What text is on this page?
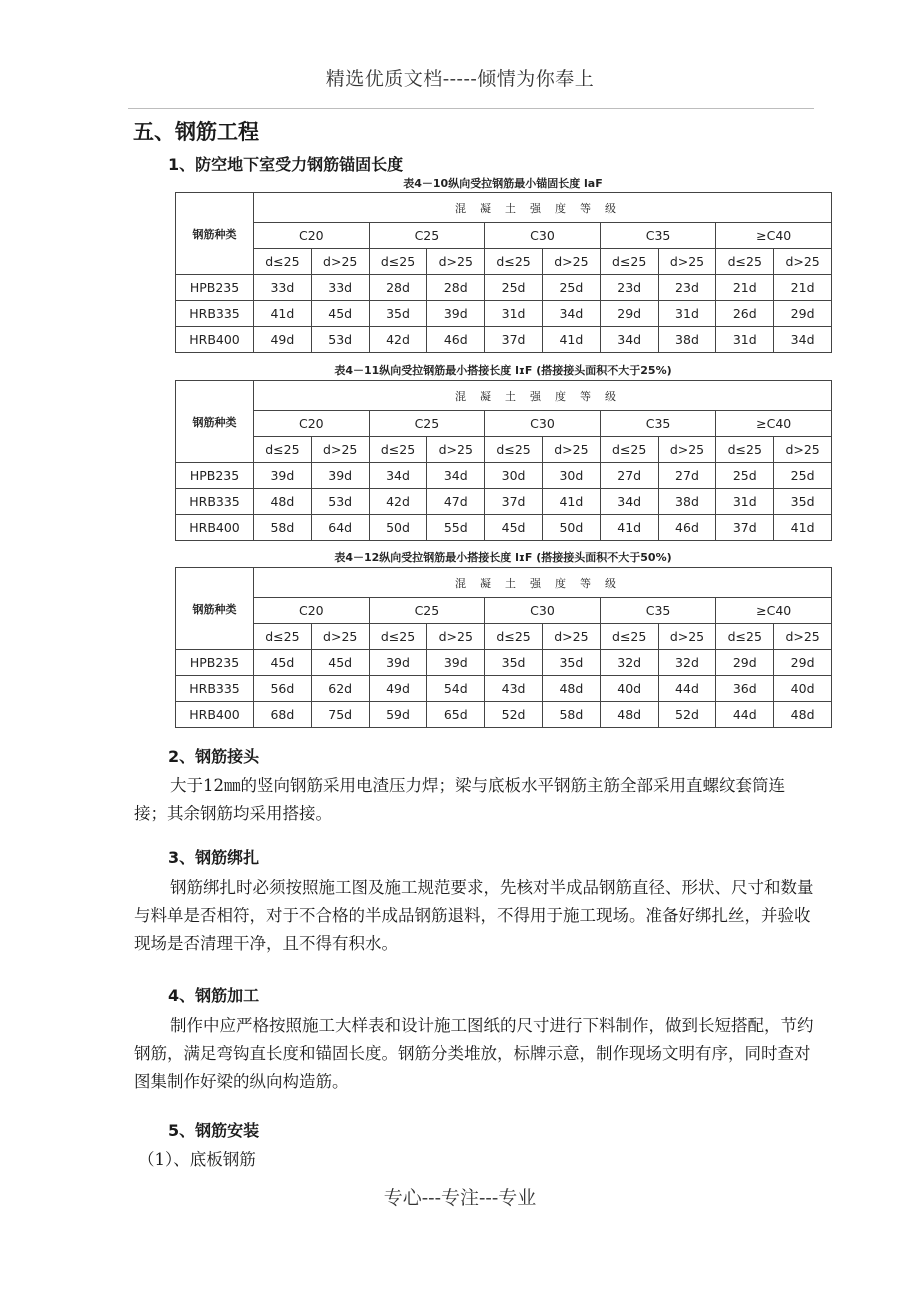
精选优质文档-----倾情为你奉上
五、钢筋工程
1、防空地下室受力钢筋锚固长度
表4－10纵向受拉钢筋最小锚固长度 laF
钢筋种类	混凝土强度等级									
	C20		C25		C30		C35		≥C40	
	d≤25	d>25	d≤25	d>25	d≤25	d>25	d≤25	d>25	d≤25	d>25
HPB235	33d	33d	28d	28d	25d	25d	23d	23d	21d	21d
HRB335	41d	45d	35d	39d	31d	34d	29d	31d	26d	29d
HRB400	49d	53d	42d	46d	37d	41d	34d	38d	31d	34d
表4－11纵向受拉钢筋最小搭接长度 lɪF (搭接接头面积不大于25%)
钢筋种类	混凝土强度等级									
	C20		C25		C30		C35		≥C40	
	d≤25	d>25	d≤25	d>25	d≤25	d>25	d≤25	d>25	d≤25	d>25
HPB235	39d	39d	34d	34d	30d	30d	27d	27d	25d	25d
HRB335	48d	53d	42d	47d	37d	41d	34d	38d	31d	35d
HRB400	58d	64d	50d	55d	45d	50d	41d	46d	37d	41d
表4－12纵向受拉钢筋最小搭接长度 lɪF (搭接接头面积不大于50%)
钢筋种类	混凝土强度等级									
	C20		C25		C30		C35		≥C40	
	d≤25	d>25	d≤25	d>25	d≤25	d>25	d≤25	d>25	d≤25	d>25
HPB235	45d	45d	39d	39d	35d	35d	32d	32d	29d	29d
HRB335	56d	62d	49d	54d	43d	48d	40d	44d	36d	40d
HRB400	68d	75d	59d	65d	52d	58d	48d	52d	44d	48d
2、钢筋接头

大于12㎜的竖向钢筋采用电渣压力焊；梁与底板水平钢筋主筋全部采用直螺纹套筒连接；其余钢筋均采用搭接。

3、钢筋绑扎

钢筋绑扎时必须按照施工图及施工规范要求，先核对半成品钢筋直径、形状、尺寸和数量与料单是否相符，对于不合格的半成品钢筋退料，不得用于施工现场。准备好绑扎丝，并验收现场是否清理干净，且不得有积水。

4、钢筋加工

制作中应严格按照施工大样表和设计施工图纸的尺寸进行下料制作，做到长短搭配，节约钢筋，满足弯钩直长度和锚固长度。钢筋分类堆放，标牌示意，制作现场文明有序，同时查对图集制作好梁的纵向构造筋。

5、钢筋安装

（1）、底板钢筋

专心---专注---专业
